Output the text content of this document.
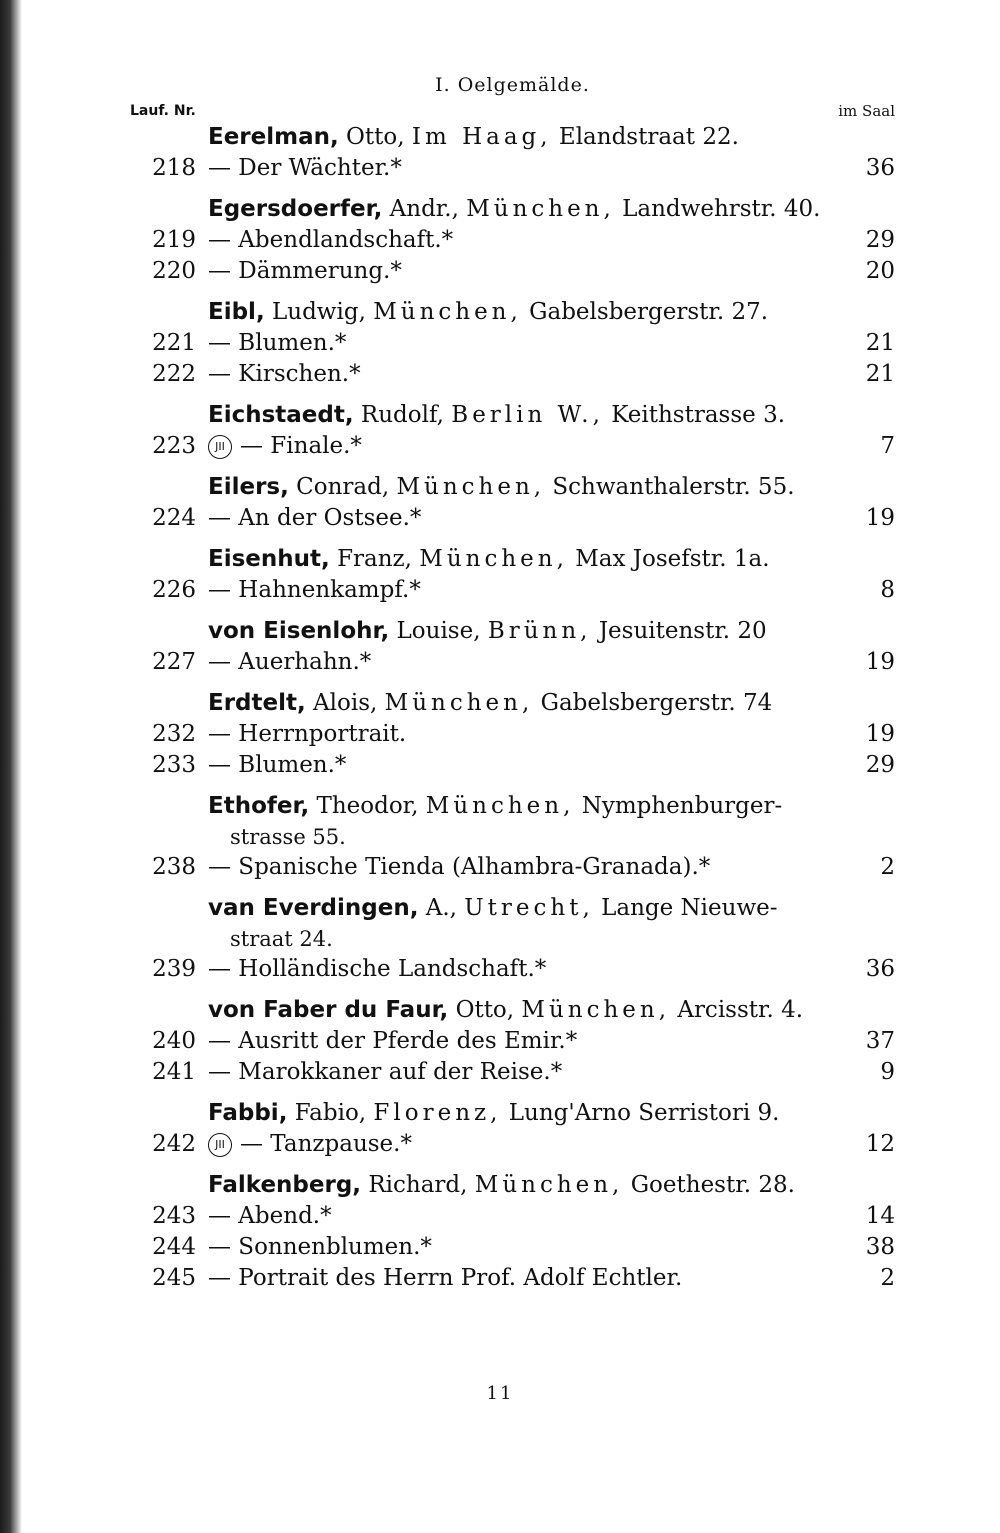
I. Oelgemälde.
Lauf. Nr.	im Saal
Eerelman, Otto, Im Haag, Elandstraat 22.
218 — Der Wächter.*	36
Egersdoerfer, Andr., München, Landwehrstr. 40.
219 — Abendlandschaft.*	29
220 — Dämmerung.*	20
Eibl, Ludwig, München, Gabelsbergerstr. 27.
221 — Blumen.*	21
222 — Kirschen.*	21
Eichstaedt, Rudolf, Berlin W., Keithstrasse 3.
223	JII — Finale.*	7
Eilers, Conrad, München, Schwanthalerstr. 55.
224 — An der Ostsee.*	19
Eisenhut, Franz, München, Max Josefstr. 1a.
226 — Hahnenkampf.*	8
von Eisenlohr, Louise, Brünn, Jesuitenstr. 20
227 — Auerhahn.*	19
Erdtelt, Alois, München, Gabelsbergerstr. 74
232 — Herrnportrait.	19
233 — Blumen.*	29
Ethofer, Theodor, München, Nymphenburger-
strasse 55.
238 — Spanische Tienda (Alhambra-Granada).*	2
van Everdingen, A., Utrecht, Lange Nieuwe-
straat 24.
239 — Holländische Landschaft.*	36
von Faber du Faur, Otto, München, Arcisstr. 4.
240 — Ausritt der Pferde des Emir.*	37
241 — Marokkaner auf der Reise.*	9
Fabbi, Fabio, Florenz, Lung'Arno Serristori 9.
242	JII — Tanzpause.*	12
Falkenberg, Richard, München, Goethestr. 28.
243 — Abend.*	14
244 — Sonnenblumen.*	38
245 — Portrait des Herrn Prof. Adolf Echtler.	2
11
